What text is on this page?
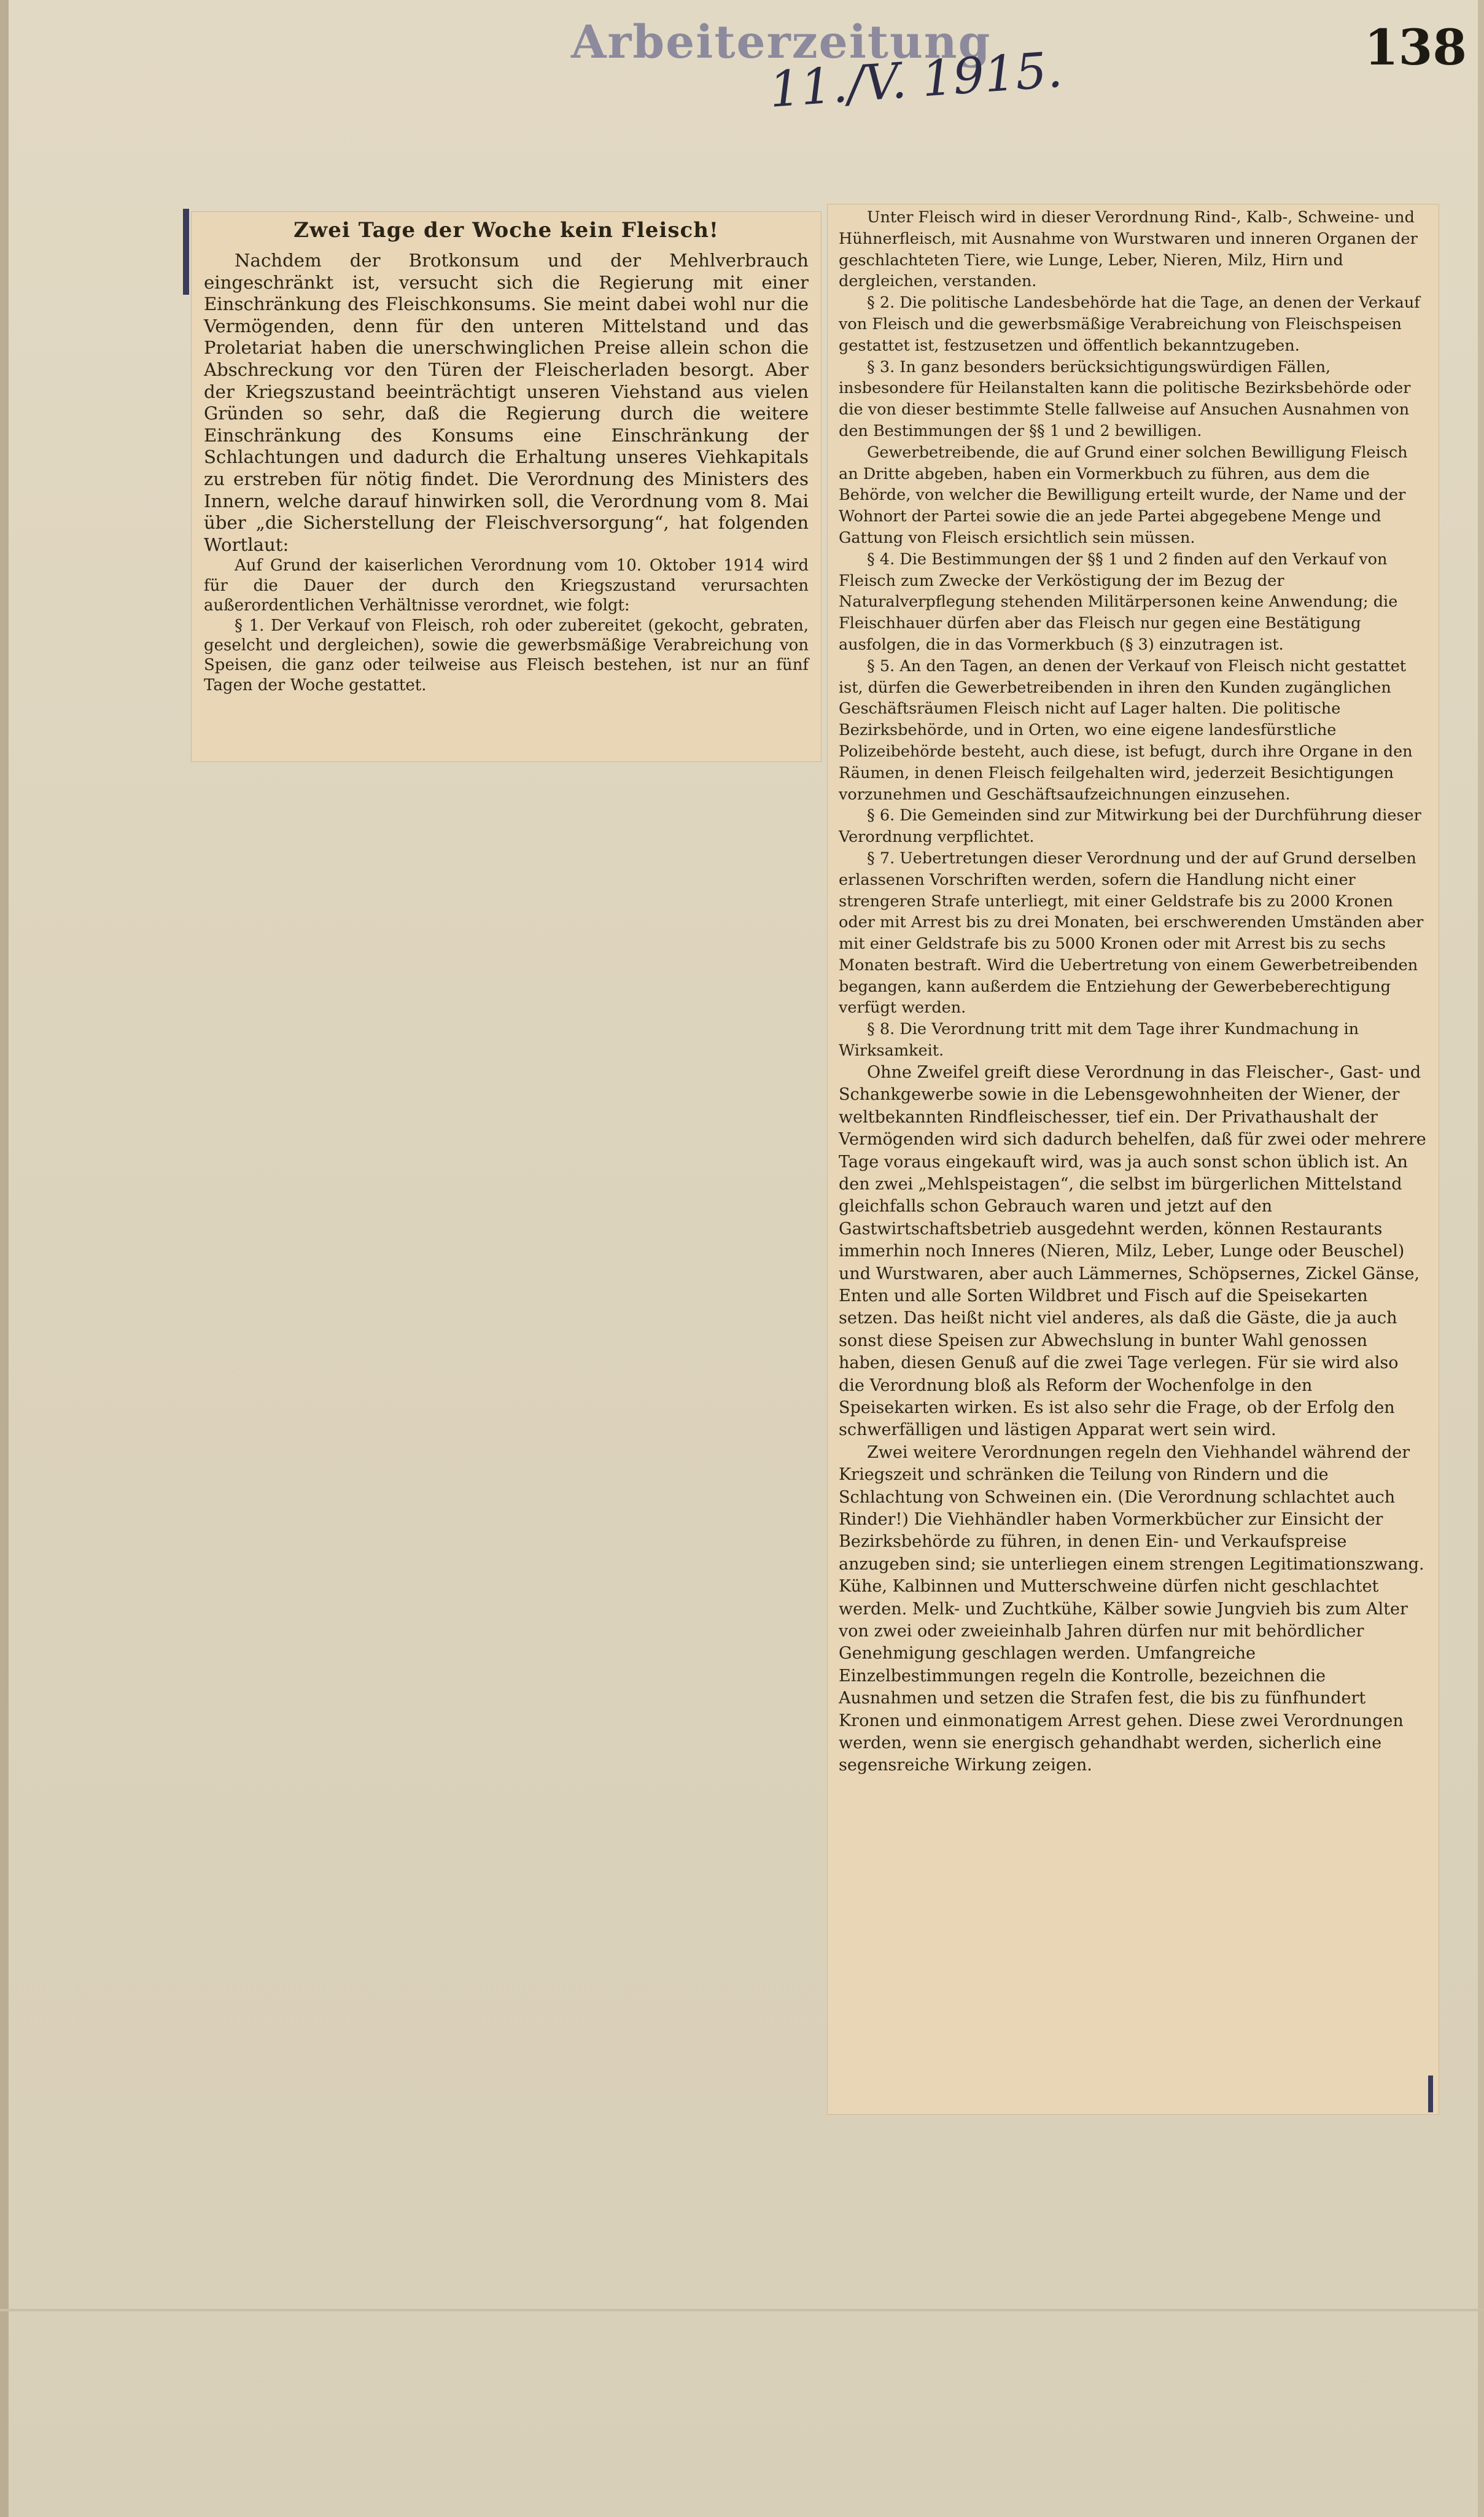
Arbeiterzeitung	138
11./V. 1915.
Zwei Tage der Woche kein Fleisch!

Nachdem der Brotkonsum und der Mehlverbrauch eingeschränkt ist, versucht sich die Regierung mit einer Einschränkung des Fleischkonsums. Sie meint dabei wohl nur die Vermögenden, denn für den unteren Mittelstand und das Proletariat haben die unerschwinglichen Preise allein schon die Abschreckung vor den Türen der Fleischerladen besorgt. Aber der Kriegszustand beeinträchtigt unseren Viehstand aus vielen Gründen so sehr, daß die Regierung durch die weitere Einschränkung des Konsums eine Einschränkung der Schlachtungen und dadurch die Erhaltung unseres Viehkapitals zu erstreben für nötig findet. Die Verordnung des Ministers des Innern, welche darauf hinwirken soll, die Verordnung vom 8. Mai über „die Sicherstellung der Fleischversorgung“, hat folgenden Wortlaut:

Auf Grund der kaiserlichen Verordnung vom 10. Oktober 1914 wird für die Dauer der durch den Kriegszustand verursachten außerordentlichen Verhältnisse verordnet, wie folgt:

§ 1. Der Verkauf von Fleisch, roh oder zubereitet (gekocht, gebraten, geselcht und dergleichen), sowie die gewerbsmäßige Verabreichung von Speisen, die ganz oder teilweise aus Fleisch bestehen, ist nur an fünf Tagen der Woche gestattet.

Unter Fleisch wird in dieser Verordnung Rind-, Kalb-, Schweine- und Hühnerfleisch, mit Ausnahme von Wurstwaren und inneren Organen der geschlachteten Tiere, wie Lunge, Leber, Nieren, Milz, Hirn und dergleichen, verstanden.

§ 2. Die politische Landesbehörde hat die Tage, an denen der Verkauf von Fleisch und die gewerbsmäßige Verabreichung von Fleischspeisen gestattet ist, festzusetzen und öffentlich bekanntzugeben.

§ 3. In ganz besonders berücksichtigungswürdigen Fällen, insbesondere für Heilanstalten kann die politische Bezirksbehörde oder die von dieser bestimmte Stelle fallweise auf Ansuchen Ausnahmen von den Bestimmungen der §§ 1 und 2 bewilligen.

Gewerbetreibende, die auf Grund einer solchen Bewilligung Fleisch an Dritte abgeben, haben ein Vormerkbuch zu führen, aus dem die Behörde, von welcher die Bewilligung erteilt wurde, der Name und der Wohnort der Partei sowie die an jede Partei abgegebene Menge und Gattung von Fleisch ersichtlich sein müssen.

§ 4. Die Bestimmungen der §§ 1 und 2 finden auf den Verkauf von Fleisch zum Zwecke der Verköstigung der im Bezug der Naturalverpflegung stehenden Militärpersonen keine Anwendung; die Fleischhauer dürfen aber das Fleisch nur gegen eine Bestätigung ausfolgen, die in das Vormerkbuch (§ 3) einzutragen ist.

§ 5. An den Tagen, an denen der Verkauf von Fleisch nicht gestattet ist, dürfen die Gewerbetreibenden in ihren den Kunden zugänglichen Geschäftsräumen Fleisch nicht auf Lager halten. Die politische Bezirksbehörde, und in Orten, wo eine eigene landesfürstliche Polizeibehörde besteht, auch diese, ist befugt, durch ihre Organe in den Räumen, in denen Fleisch feilgehalten wird, jederzeit Besichtigungen vorzunehmen und Geschäftsaufzeichnungen einzusehen.

§ 6. Die Gemeinden sind zur Mitwirkung bei der Durchführung dieser Verordnung verpflichtet.

§ 7. Uebertretungen dieser Verordnung und der auf Grund derselben erlassenen Vorschriften werden, sofern die Handlung nicht einer strengeren Strafe unterliegt, mit einer Geldstrafe bis zu 2000 Kronen oder mit Arrest bis zu drei Monaten, bei erschwerenden Umständen aber mit einer Geldstrafe bis zu 5000 Kronen oder mit Arrest bis zu sechs Monaten bestraft. Wird die Uebertretung von einem Gewerbetreibenden begangen, kann außerdem die Entziehung der Gewerbeberechtigung verfügt werden.

§ 8. Die Verordnung tritt mit dem Tage ihrer Kundmachung in Wirksamkeit.

Ohne Zweifel greift diese Verordnung in das Fleischer-, Gast- und Schankgewerbe sowie in die Lebensgewohnheiten der Wiener, der weltbekannten Rindfleischesser, tief ein. Der Privathaushalt der Vermögenden wird sich dadurch behelfen, daß für zwei oder mehrere Tage voraus eingekauft wird, was ja auch sonst schon üblich ist. An den zwei „Mehlspeistagen“, die selbst im bürgerlichen Mittelstand gleichfalls schon Gebrauch waren und jetzt auf den Gastwirtschaftsbetrieb ausgedehnt werden, können Restaurants immerhin noch Inneres (Nieren, Milz, Leber, Lunge oder Beuschel) und Wurstwaren, aber auch Lämmernes, Schöpsernes, Zickel Gänse, Enten und alle Sorten Wildbret und Fisch auf die Speisekarten setzen. Das heißt nicht viel anderes, als daß die Gäste, die ja auch sonst diese Speisen zur Abwechslung in bunter Wahl genossen haben, diesen Genuß auf die zwei Tage verlegen. Für sie wird also die Verordnung bloß als Reform der Wochenfolge in den Speisekarten wirken. Es ist also sehr die Frage, ob der Erfolg den schwerfälligen und lästigen Apparat wert sein wird.

Zwei weitere Verordnungen regeln den Viehhandel während der Kriegszeit und schränken die Teilung von Rindern und die Schlachtung von Schweinen ein. (Die Verordnung schlachtet auch Rinder!) Die Viehhändler haben Vormerkbücher zur Einsicht der Bezirksbehörde zu führen, in denen Ein- und Verkaufspreise anzugeben sind; sie unterliegen einem strengen Legitimationszwang. Kühe, Kalbinnen und Mutterschweine dürfen nicht geschlachtet werden. Melk- und Zuchtkühe, Kälber sowie Jungvieh bis zum Alter von zwei oder zweieinhalb Jahren dürfen nur mit behördlicher Genehmigung geschlagen werden. Umfangreiche Einzelbestimmungen regeln die Kontrolle, bezeichnen die Ausnahmen und setzen die Strafen fest, die bis zu fünfhundert Kronen und einmonatigem Arrest gehen. Diese zwei Verordnungen werden, wenn sie energisch gehandhabt werden, sicherlich eine segensreiche Wirkung zeigen.
